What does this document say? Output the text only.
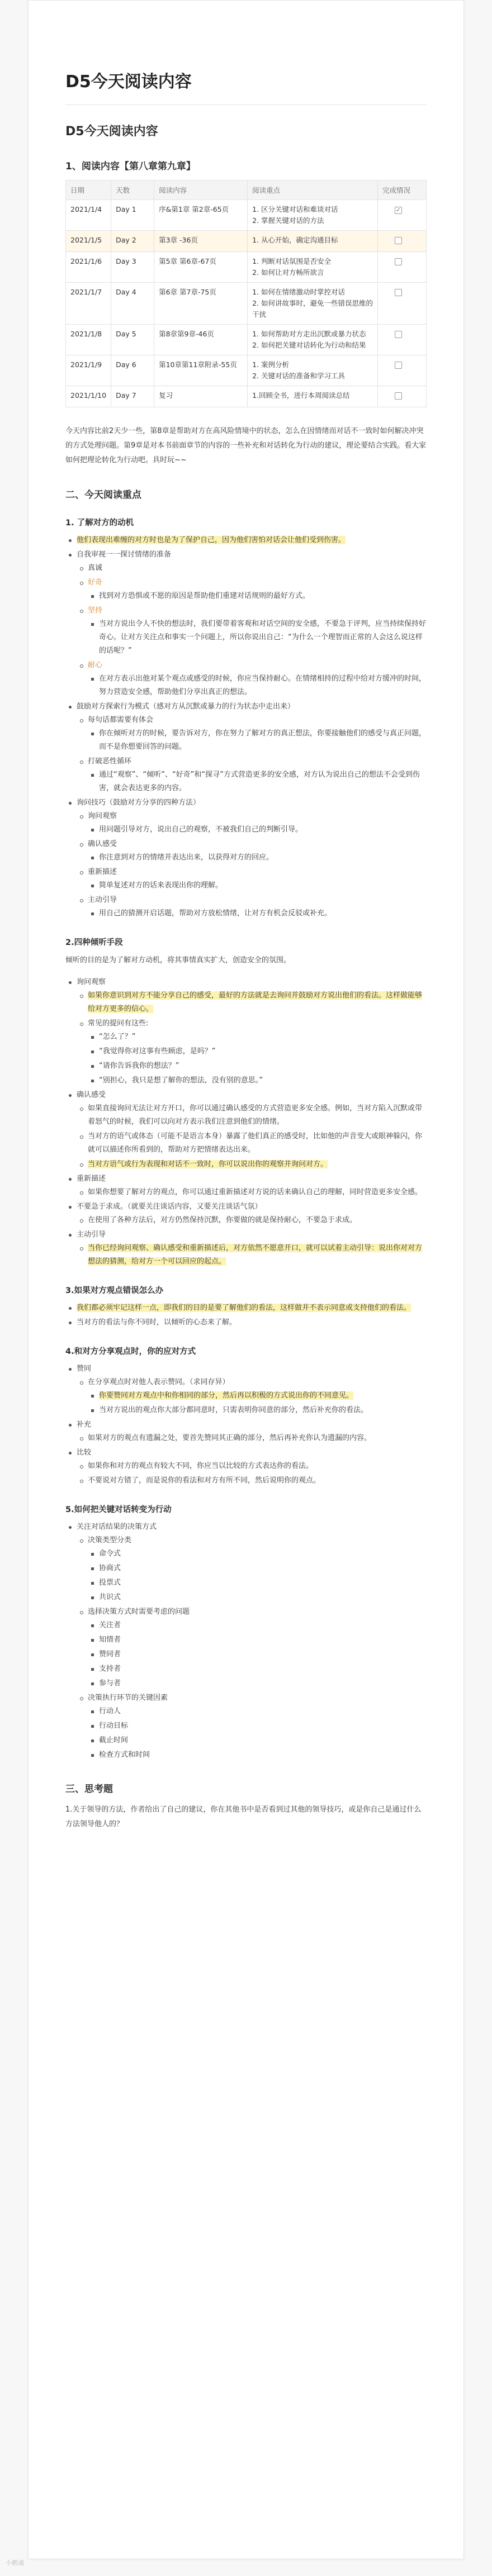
D5今天阅读内容
D5今天阅读内容
1、阅读内容【第八章第九章】
日期	天数	阅读内容	阅读重点	完成情况
2021/1/4	Day 1	序&第1章 第2章-65页	1. 区分关键对话和难谈对话
2. 掌握关键对话的方法	✓
2021/1/5	Day 2	第3章 -36页	1. 从心开始，确定沟通目标	
2021/1/6	Day 3	第5章 第6章-67页	1. 判断对话氛围是否安全
2. 如何让对方畅所欲言	
2021/1/7	Day 4	第6章 第7章-75页	1. 如何在情绪激动时掌控对话
2. 如何讲故事时，避免一些错误思维的干扰	
2021/1/8	Day 5	第8章第9章-46页	1. 如何帮助对方走出沉默或暴力状态
2. 如何把关键对话转化为行动和结果	
2021/1/9	Day 6	第10章第11章附录-55页	1. 案例分析
2. 关键对话的准备和学习工具	
2021/1/10	Day 7	复习	1.回顾全书，进行本周阅读总结	

今天内容比前2天少一些，第8章是帮助对方在高风险情境中的状态，怎么在因情绪而对话不一致时如何解决冲突的方式处理问题。第9章是对本书前面章节的内容的一些补充和对话转化为行动的建议，理论要结合实践。看大家如何把理论转化为行动吧。具时玩~~

二、今天阅读重点
1. 了解对方的动机
他们表现出难缠的对方时也是为了保护自己，因为他们害怕对话会让他们受到伤害。
自我审视一一探讨情绪的准备
真诚
好奇
找到对方恐惧或不愿的原因是帮助他们重建对话规则的最好方式。
坚持
当对方说出令人不快的想法时，我们要带着客观和对话空间的安全感，不要急于评判，应当持续保持好奇心。让对方关注点和事实一个问题上，所以你说出自己：“为什么一个理智而正常的人会这么说这样的话呢？”
耐心
在对方表示出他对某个观点或感受的时候，你应当保持耐心。在情绪相持的过程中给对方缓冲的时间，努力营造安全感，帮助他们分享出真正的想法。
鼓励对方探索行为模式（感对方从沉默或暴力的行为状态中走出来）
每句话都需要有体会
你在倾听对方的时候，要告诉对方，你在努力了解对方的真正想法，你要接触他们的感受与真正问题，而不是你想要回答的问题。
打破恶性循环
通过“观察”、“倾听”、“好奇”和“探寻”方式营造更多的安全感，对方认为说出自己的想法不会受到伤害，就会表达更多的内容。
询问技巧（鼓励对方分享的四种方法）
询问观察
用问题引导对方，说出自己的观察，不被我们自己的判断引导。
确认感受
你注意到对方的情绪并表达出来，以获得对方的回应。
重新描述
简单复述对方的话来表现出你的理解。
主动引导
用自己的猜测开启话题，帮助对方放松情绪，让对方有机会反驳或补充。
2.四种倾听手段

倾听的目的是为了解对方动机，将其事情真实扩大，创造安全的氛围。

询问观察
如果你意识到对方不能分享自己的感受，最好的方法就是去询问并鼓励对方说出他们的看法。这样做能够给对方更多的信心。
常见的提问有这些:
“怎么了？”
“我觉得你对这事有些顾虑，是吗？”
“请你告诉我你的想法？”
“别担心，我只是想了解你的想法，没有别的意思。”
确认感受
如果直接询问无法让对方开口，你可以通过确认感受的方式营造更多安全感。例如，当对方陷入沉默或带着怒气的时候，我们可以向对方表示我们注意到他们的情绪。
当对方的语气或体态（可能不是语言本身）暴露了他们真正的感受时，比如他的声音变大或眼神躲闪，你就可以描述你所看到的，帮助对方把情绪表达出来。
当对方语气或行为表现和对话不一致时，你可以说出你的观察并询问对方。
重新描述
如果你想要了解对方的观点，你可以通过重新描述对方说的话来确认自己的理解，同时营造更多安全感。
不要急于求成。（就要关注谈话内容，又要关注谈话气氛）
在使用了各种方法后，对方仍然保持沉默，你要做的就是保持耐心，不要急于求成。
主动引导
当你已经询问观察、确认感受和重新描述后，对方依然不愿意开口，就可以试着主动引导：说出你对对方想法的猜测，给对方一个可以回应的起点。
3.如果对方观点错误怎么办
我们都必须牢记这样一点，即我们的目的是要了解他们的看法，这样做并不表示同意或支持他们的看法。
当对方的看法与你不同时，以倾听的心态来了解。
4.和对方分享观点时，你的应对方式
赞同
在分享观点时对他人表示赞同。（求同存异）
你要赞同对方观点中和你相同的部分，然后再以积极的方式说出你的不同意见。
当对方说出的观点你大部分都同意时，只需表明你同意的部分，然后补充你的看法。
补充
如果对方的观点有遗漏之处，要首先赞同其正确的部分，然后再补充你认为遗漏的内容。
比较
如果你和对方的观点有较大不同，你应当以比较的方式表达你的看法。
不要说对方错了，而是说你的看法和对方有所不同，然后说明你的观点。
5.如何把关键对话转变为行动
关注对话结果的决策方式
决策类型分类
命令式
协商式
投票式
共识式
选择决策方式时需要考虑的问题
关注者
知情者
赞同者
支持者
参与者
决策执行环节的关键因素
行动人
行动目标
截止时间
检查方式和时间
三、思考题

1.关于领导的方法，作者给出了自己的建议，你在其他书中是否看到过其他的领导技巧，或是你自己是通过什么方法领导他人的？

小鹅通
